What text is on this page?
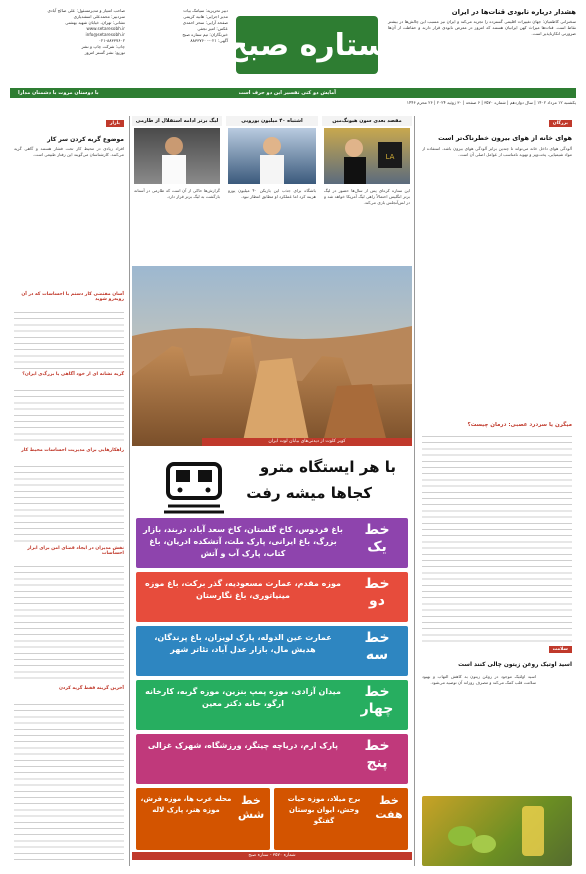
صاحب امتیاز و مدیرمسئول: علی صالح آبادی
سردبیر: محمدعلی اسفندیاری
نشانی: تهران، خیابان شهید بهشتی
www.setaresobh.ir
info@setaresobh.ir
۰۲۱-۸۸۳۳۷۶۰۲
چاپ: شرکت چاپ و نشر
توزیع: نشر گستر امروز
دبیر تحریریه: سیامک بیات
مدیر اجرایی: هانیه کریمی
صفحه آرایی: سحر احمدی
عکس: امیر نجفی
خبرنگاران: تیم ستاره صبح
آگهی: ۰۲۱-۸۸۳۳۷۶۰۰
ستاره صبح
هشدار درباره نابودی قنات‌ها در ایران
سخنرانی کاظمیان: جهان تغییرات اقلیمی گسترده را تجربه می‌کند و ایران نیز مسبب این چالش‌ها در بیشتر نقاط است. قنات‌ها میراث کهن ایرانیان هستند که امروز در معرض نابودی قرار دارند و حفاظت از آن‌ها ضرورتی انکارناپذیر است.
آمایش دو کتی تفسیر این دو حرف است
با دوستان مروت با دشمنان مدارا
یکشنبه ۱۲ مرداد ۱۴۰۲ | سال دوازدهم | شماره ۳۵۷۰ | ۶ صفحه | ۳۰ ژوئیه ۲۰۲۴ | ۲۶ محرم ۱۴۴۶
بزرگان
هوای خانه از هوای بیرون خطرناک‌تر است
آلودگی هوای داخل خانه می‌تواند تا چندین برابر آلودگی هوای بیرون باشد. استفاده از مواد شیمیایی، پخت‌وپز و تهویه نامناسب از عوامل اصلی آن است.
میگرن یا سردرد عصبی: درمان چیست؟
سلامت
اسید اوتیک روغن زیتون چالی کنند است
اسید اولئیک موجود در روغن زیتون به کاهش التهاب و بهبود سلامت قلب کمک می‌کند و مصرف روزانه آن توصیه می‌شود.
بازار
موضوع گربه کردن سر کار
افراد زیادی در محیط کار تحت فشار هستند و گاهی گریه می‌کنند. کارشناسان می‌گویند این رفتار طبیعی است.
آسان مقتضی کار دستم با احساسات که در آن روبه‌رو شوید
گریه نشانه ای از خود آگاهی یا بزرگ‌ی ایران؟
راهکارهایی برای مدیریت احساسات محیط کار
نقش مدیران در ایجاد فضای امن برای ابراز احساسات
آخرین گزینه فقط گریه کردن
مقصد بعدی سون هیونگ‌مین
LA
این ستاره کره‌ای پس از سال‌ها حضور در لیگ برتر انگلیس احتمالاً راهی لیگ آمریکا خواهد شد و در لس‌آنجلس بازی می‌کند.
اشتباه ۴۰ میلیون یورویی
باشگاه برای جذب این بازیکن ۴۰ میلیون یورو هزینه کرد اما عملکرد او مطابق انتظار نبود.
لیگ برتر ادامه استقلال از طارمی
گزارش‌ها حاکی از آن است که طارمی در آستانه بازگشت به لیگ برتر قرار دارد.
کویر کلوت از دیدنی‌های بیابان لوت ایران
با هر ایستگاه مترو
کجاها میشه رفت
خط
یک
باغ فردوس، کاخ گلستان، کاخ سعد آباد، دربند، بازار بزرگ، باغ ایرانی، پارک ملت، آتشکده ادریان، باغ کتاب، پارک آب و آتش
خط
دو
موزه مقدم، عمارت مسعودیه، گذر برکت، باغ موزه مینیاتوری، باغ نگارستان
خط
سه
عمارت عین الدوله، پارک لویزان، باغ پرندگان، هدیش مال، بازار عدل آباد، تئاتر شهر
خط
چهار
میدان آزادی، موزه پمپ بنزین، موزه گربه، کارخانه ارگو، خانه دکتر معین
خط
پنج
پارک ارم، دریاچه چیتگر، ورزشگاه، شهرک غزالی
خط
شش
محله عرب ها، موزه فرش، موزه هنر، پارک لاله
خط
هفت
برج میلاد، موزه حیات وحش، ایوان بوستان گفتگو
شماره ۳۵۷۰ - ستاره صبح
